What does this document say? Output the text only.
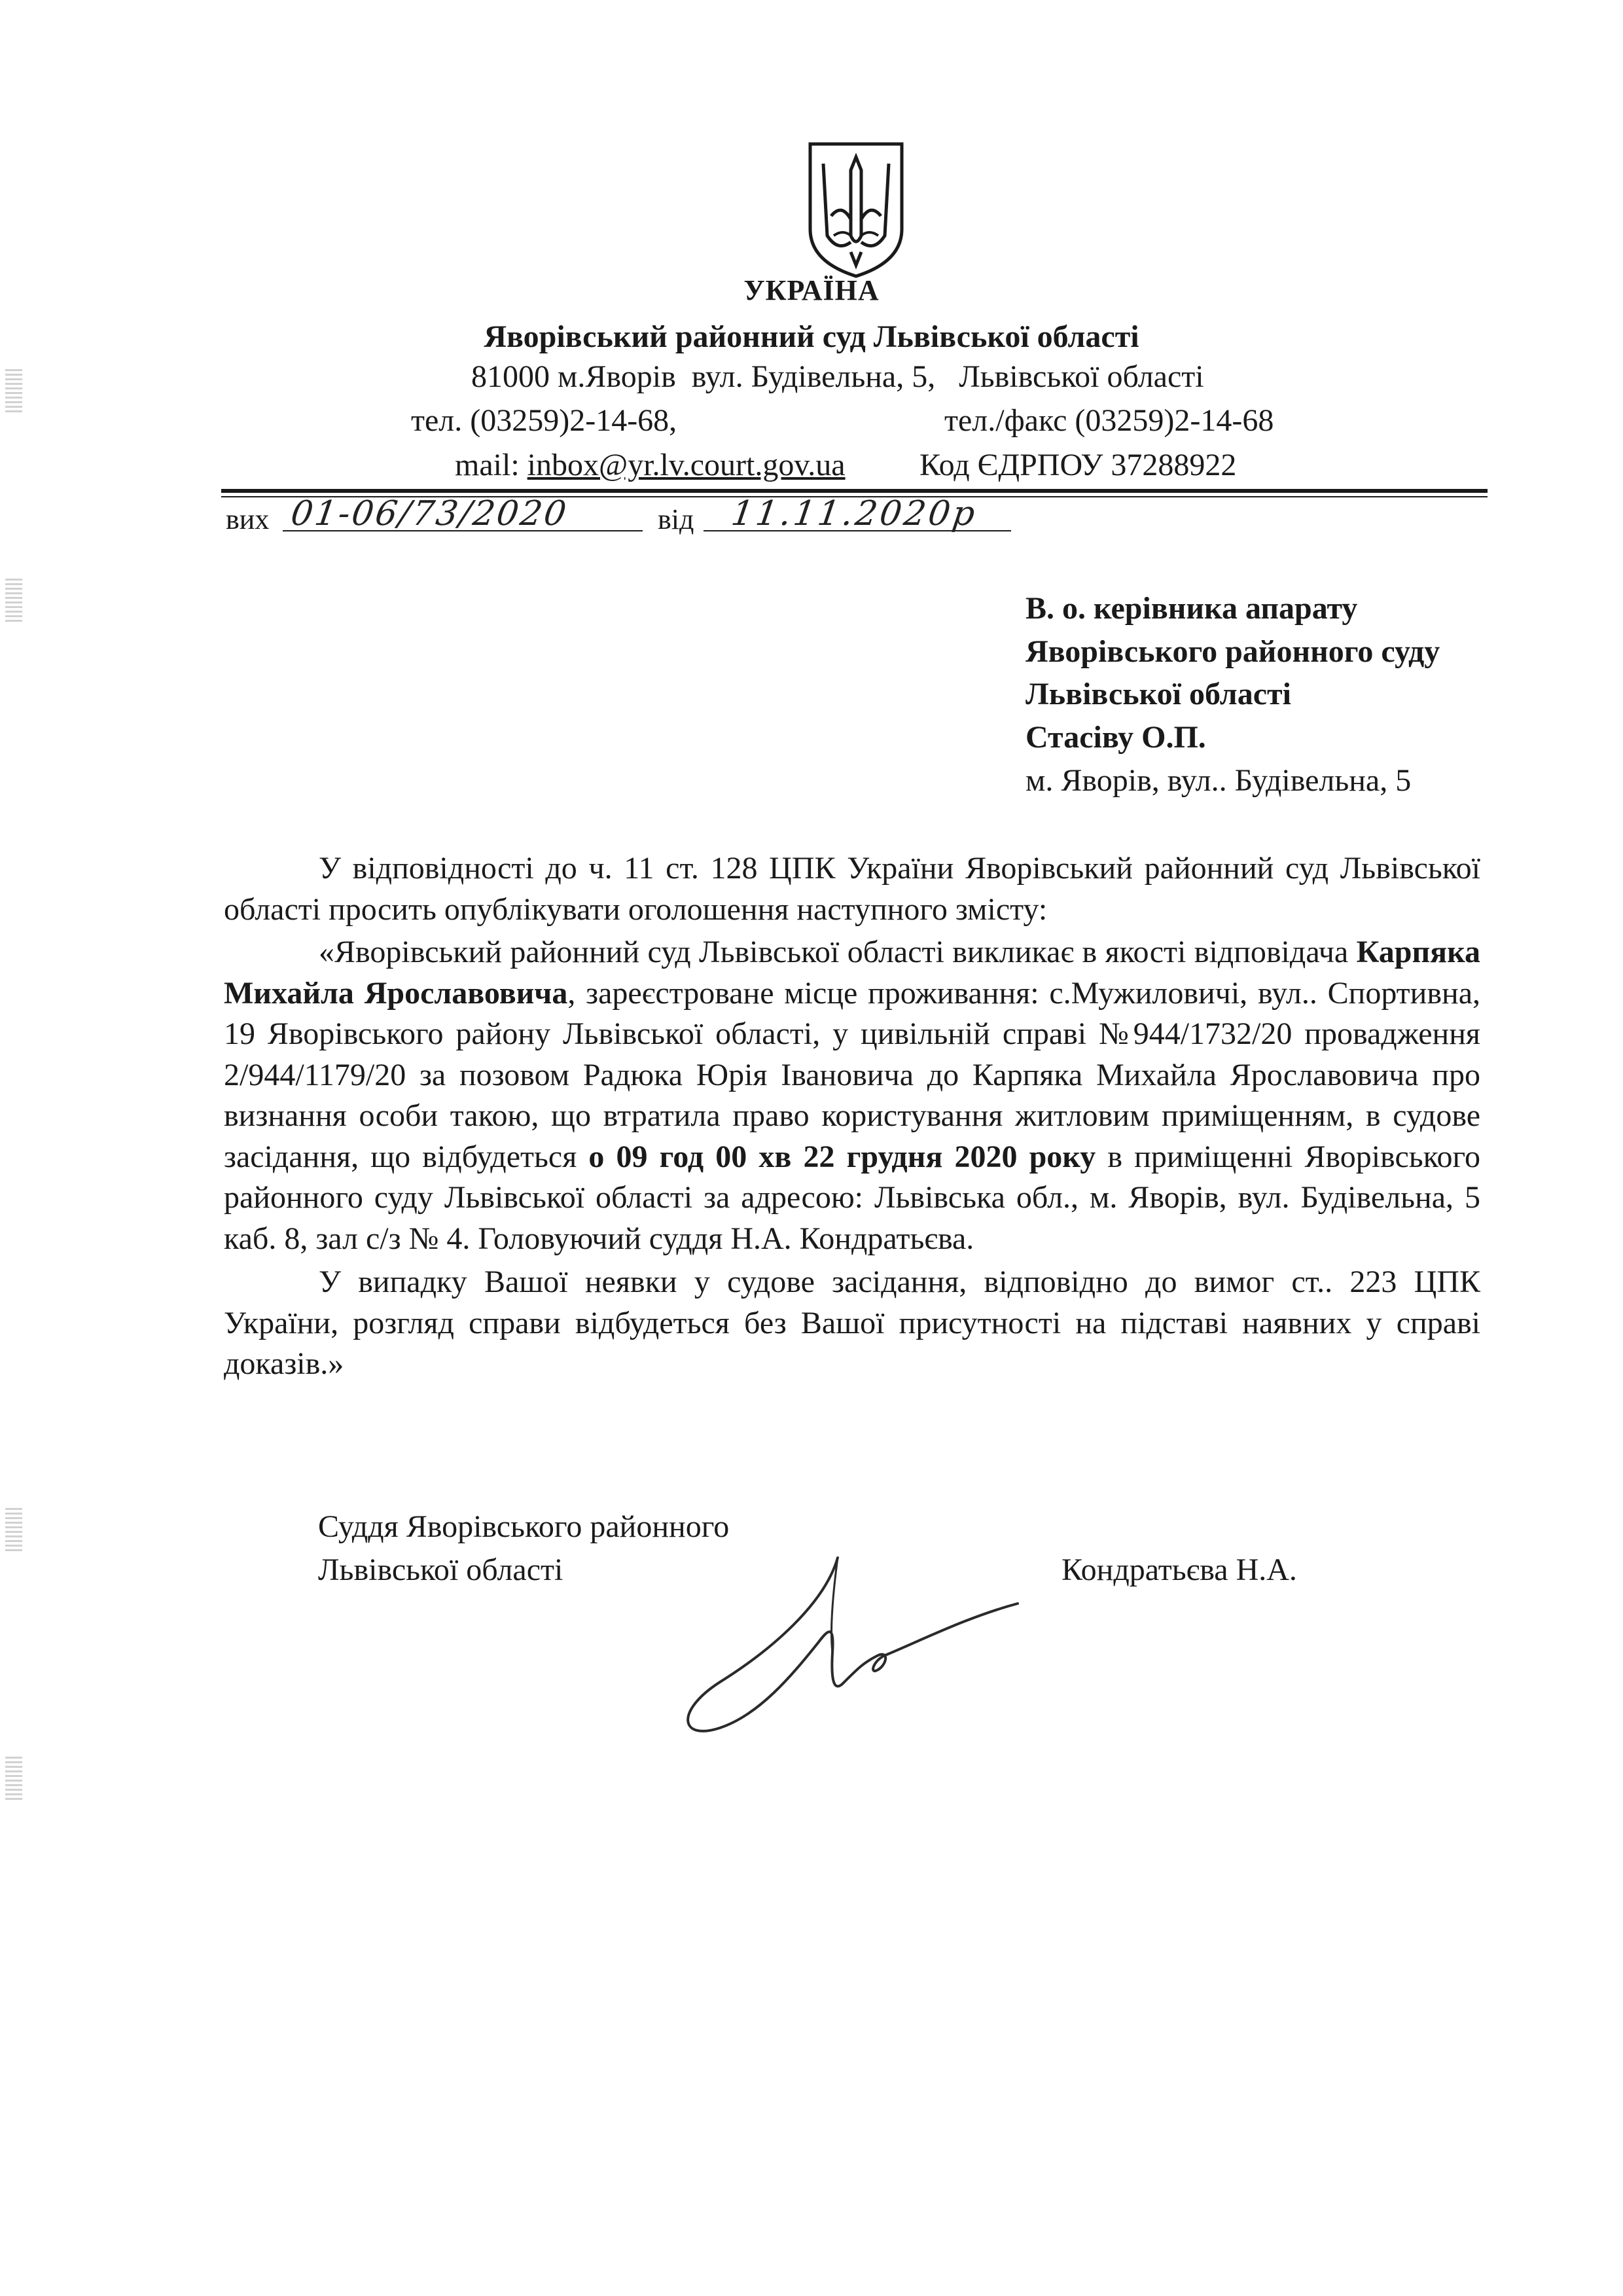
УКРАЇНА
Яворівський районний суд Львівської області
81000 м.Яворів  вул. Будівельна, 5,   Львівської області
тел. (03259)2-14-68,	тел./факс (03259)2-14-68
mail: inbox@yr.lv.court.gov.ua Код ЄДРПОУ 37288922
вих 01-06/73/2020	від 11.11.2020р
В. о. керівника апарату
Яворівського районного суду
Львівської області
Стасіву О.П.
м. Яворів, вул.. Будівельна, 5
У відповідності до ч. 11 ст. 128 ЦПК України Яворівський районний суд Львівської області просить опублікувати оголошення наступного змісту:
«Яворівський районний суд Львівської області викликає в якості відповідача Карпяка Михайла Ярославовича, зареєстроване місце проживання: с.Мужиловичі, вул.. Спортивна, 19 Яворівського району Львівської області, у цивільній справі №944/1732/20 провадження 2/944/1179/20 за позовом Радюка Юрія Івановича до Карпяка Михайла Ярославовича про визнання особи такою, що втратила право користування житловим приміщенням, в судове засідання, що відбудеться о 09 год 00 хв 22 грудня 2020 року в приміщенні Яворівського районного суду Львівської області за адресою: Львівська обл., м. Яворів, вул. Будівельна, 5 каб. 8, зал с/з № 4. Головуючий суддя Н.А. Кондратьєва.
У випадку Вашої неявки у судове засідання, відповідно до вимог ст.. 223 ЦПК України, розгляд справи відбудеться без Вашої присутності на підставі наявних у справі доказів.»
Суддя Яворівського районного
Львівської області	Кондратьєва Н.А.
